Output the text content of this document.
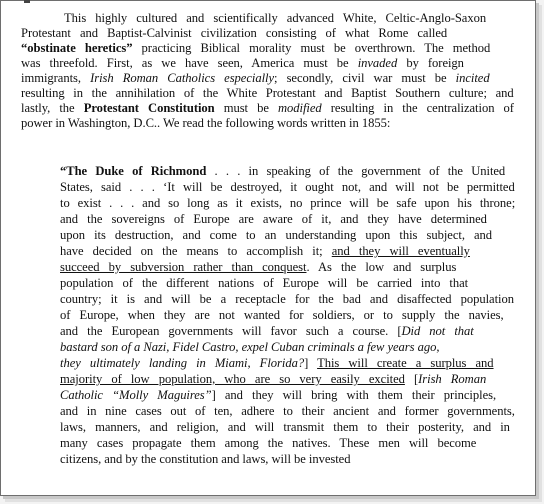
This highly cultured and scientifically advanced White, Celtic-Anglo-Saxon
Protestant and Baptist-Calvinist civilization consisting of what Rome called
“obstinate heretics” practicing Biblical morality must be overthrown. The method
was threefold. First, as we have seen, America must be invaded by foreign
immigrants, Irish Roman Catholics especially; secondly, civil war must be incited
resulting in the annihilation of the White Protestant and Baptist Southern culture; and
lastly, the Protestant Constitution must be modified resulting in the centralization of
power in Washington, D.C.. We read the following words written in 1855:
“The Duke of Richmond . . . in speaking of the government of the United
States, said . . . ‘It will be destroyed, it ought not, and will not be permitted
to exist . . . and so long as it exists, no prince will be safe upon his throne;
and the sovereigns of Europe are aware of it, and they have determined
upon its destruction, and come to an understanding upon this subject, and
have decided on the means to accomplish it; and they will eventually
succeed by subversion rather than conquest. As the low and surplus
population of the different nations of Europe will be carried into that
country; it is and will be a receptacle for the bad and disaffected population
of Europe, when they are not wanted for soldiers, or to supply the navies,
and the European governments will favor such a course. [Did not that
bastard son of a Nazi, Fidel Castro, expel Cuban criminals a few years ago,
they ultimately landing in Miami, Florida?] This will create a surplus and
majority of low population, who are so very easily excited [Irish Roman
Catholic “Molly Maguires”] and they will bring with them their principles,
and in nine cases out of ten, adhere to their ancient and former governments,
laws, manners, and religion, and will transmit them to their posterity, and in
many cases propagate them among the natives. These men will become
citizens, and by the constitution and laws, will be invested
